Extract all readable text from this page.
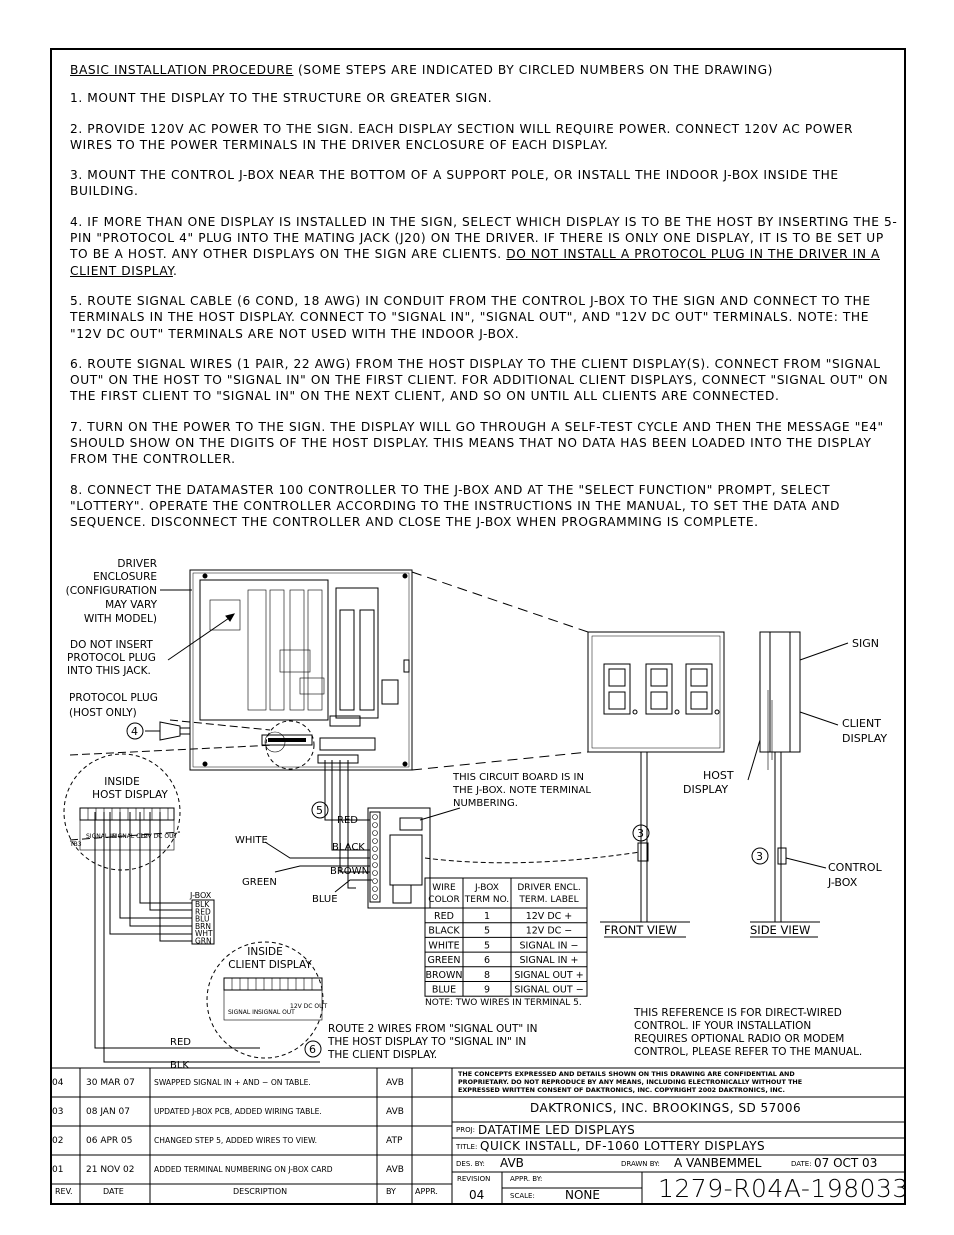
BASIC INSTALLATION PROCEDURE (SOME STEPS ARE INDICATED BY CIRCLED NUMBERS ON THE DRAWING)

1. MOUNT THE DISPLAY TO THE STRUCTURE OR GREATER SIGN.

2. PROVIDE 120V AC POWER TO THE SIGN. EACH DISPLAY SECTION WILL REQUIRE POWER. CONNECT 120V AC POWER WIRES TO THE POWER TERMINALS IN THE DRIVER ENCLOSURE OF EACH DISPLAY.

3. MOUNT THE CONTROL J-BOX NEAR THE BOTTOM OF A SUPPORT POLE, OR INSTALL THE INDOOR J-BOX INSIDE THE BUILDING.

4. IF MORE THAN ONE DISPLAY IS INSTALLED IN THE SIGN, SELECT WHICH DISPLAY IS TO BE THE HOST BY INSERTING THE 5-PIN "PROTOCOL 4" PLUG INTO THE MATING JACK (J20) ON THE DRIVER. IF THERE IS ONLY ONE DISPLAY, IT IS TO BE SET UP TO BE A HOST. ANY OTHER DISPLAYS ON THE SIGN ARE CLIENTS. DO NOT INSTALL A PROTOCOL PLUG IN THE DRIVER IN A CLIENT DISPLAY.

5. ROUTE SIGNAL CABLE (6 COND, 18 AWG) IN CONDUIT FROM THE CONTROL J-BOX TO THE SIGN AND CONNECT TO THE TERMINALS IN THE HOST DISPLAY. CONNECT TO "SIGNAL IN", "SIGNAL OUT", AND "12V DC OUT" TERMINALS. NOTE: THE "12V DC OUT" TERMINALS ARE NOT USED WITH THE INDOOR J-BOX.

6. ROUTE SIGNAL WIRES (1 PAIR, 22 AWG) FROM THE HOST DISPLAY TO THE CLIENT DISPLAY(S). CONNECT FROM "SIGNAL OUT" ON THE HOST TO "SIGNAL IN" ON THE FIRST CLIENT. FOR ADDITIONAL CLIENT DISPLAYS, CONNECT "SIGNAL OUT" ON THE FIRST CLIENT TO "SIGNAL IN" ON THE NEXT CLIENT, AND SO ON UNTIL ALL CLIENTS ARE CONNECTED.

7. TURN ON THE POWER TO THE SIGN. THE DISPLAY WILL GO THROUGH A SELF-TEST CYCLE AND THEN THE MESSAGE "E4" SHOULD SHOW ON THE DIGITS OF THE HOST DISPLAY. THIS MEANS THAT NO DATA HAS BEEN LOADED INTO THE DISPLAY FROM THE CONTROLLER.

8. CONNECT THE DATAMASTER 100 CONTROLLER TO THE J-BOX AND AT THE "SELECT FUNCTION" PROMPT, SELECT "LOTTERY". OPERATE THE CONTROLLER ACCORDING TO THE INSTRUCTIONS IN THE MANUAL, TO SET THE DATA AND SEQUENCE. DISCONNECT THE CONTROLLER AND CLOSE THE J-BOX WHEN PROGRAMMING IS COMPLETE.

DRIVER
ENCLOSURE
(CONFIGURATION
MAY VARY
WITH MODEL)
DO NOT INSERT
PROTOCOL PLUG
INTO THIS JACK.
PROTOCOL PLUG
(HOST ONLY)
4
INSIDE
HOST DISPLAY
TB3
SIGNAL IN
SIGNAL OUT
12V DC OUT
J-BOX
BLK
RED
BLU
BRN
WHT
GRN
5
RED
WHITE
BLACK
GREEN
BROWN
BLUE
THIS CIRCUIT BOARD IS IN
THE J-BOX. NOTE TERMINAL
NUMBERING.
WIRE
COLOR
J-BOX
TERM NO.
DRIVER ENCL.
TERM. LABEL
RED	1	12V DC +
BLACK	5	12V DC −
WHITE	5	SIGNAL IN −
GREEN 6	SIGNAL IN +
BROWN 8	SIGNAL OUT +
BLUE	9	SIGNAL OUT −
NOTE: TWO WIRES IN TERMINAL 5.
INSIDE
CLIENT DISPLAY
SIGNAL IN SIGNAL OUT
12V DC OUT
RED
BLK
6
ROUTE 2 WIRES FROM "SIGNAL OUT" IN
THE HOST DISPLAY TO "SIGNAL IN" IN
THE CLIENT DISPLAY.
8.8.8
3
FRONT VIEW	SIDE VIEW
HOST
DISPLAY
3
SIGN
CLIENT
DISPLAY
CONTROL
J-BOX
THIS REFERENCE IS FOR DIRECT-WIRED
CONTROL. IF YOUR INSTALLATION
REQUIRES OPTIONAL RADIO OR MODEM
CONTROL, PLEASE REFER TO THE MANUAL.
04	30 MAR 07	SWAPPED SIGNAL IN + AND − ON TABLE.	AVB
03	08 JAN 07	UPDATED J-BOX PCB, ADDED WIRING TABLE.	AVB
02	06 APR 05	CHANGED STEP 5, ADDED WIRES TO VIEW.	ATP
01	21 NOV 02	ADDED TERMINAL NUMBERING ON J-BOX CARD	AVB
REV.	DATE	DESCRIPTION	BY APPR.
THE CONCEPTS EXPRESSED AND DETAILS SHOWN ON THIS DRAWING ARE CONFIDENTIAL AND
PROPRIETARY. DO NOT REPRODUCE BY ANY MEANS, INCLUDING ELECTRONICALLY WITHOUT THE
EXPRESSED WRITTEN CONSENT OF DAKTRONICS, INC. COPYRIGHT 2002 DAKTRONICS, INC.
DAKTRONICS, INC. BROOKINGS, SD 57006
PROJ: DATATIME LED DISPLAYS
TITLE: QUICK INSTALL, DF-1060 LOTTERY DISPLAYS
DES. BY: AVB	DRAWN BY: A VANBEMMEL	DATE: 07 OCT 03
REVISION
04
APPR. BY:
SCALE:	NONE 1279-R04A-198033
